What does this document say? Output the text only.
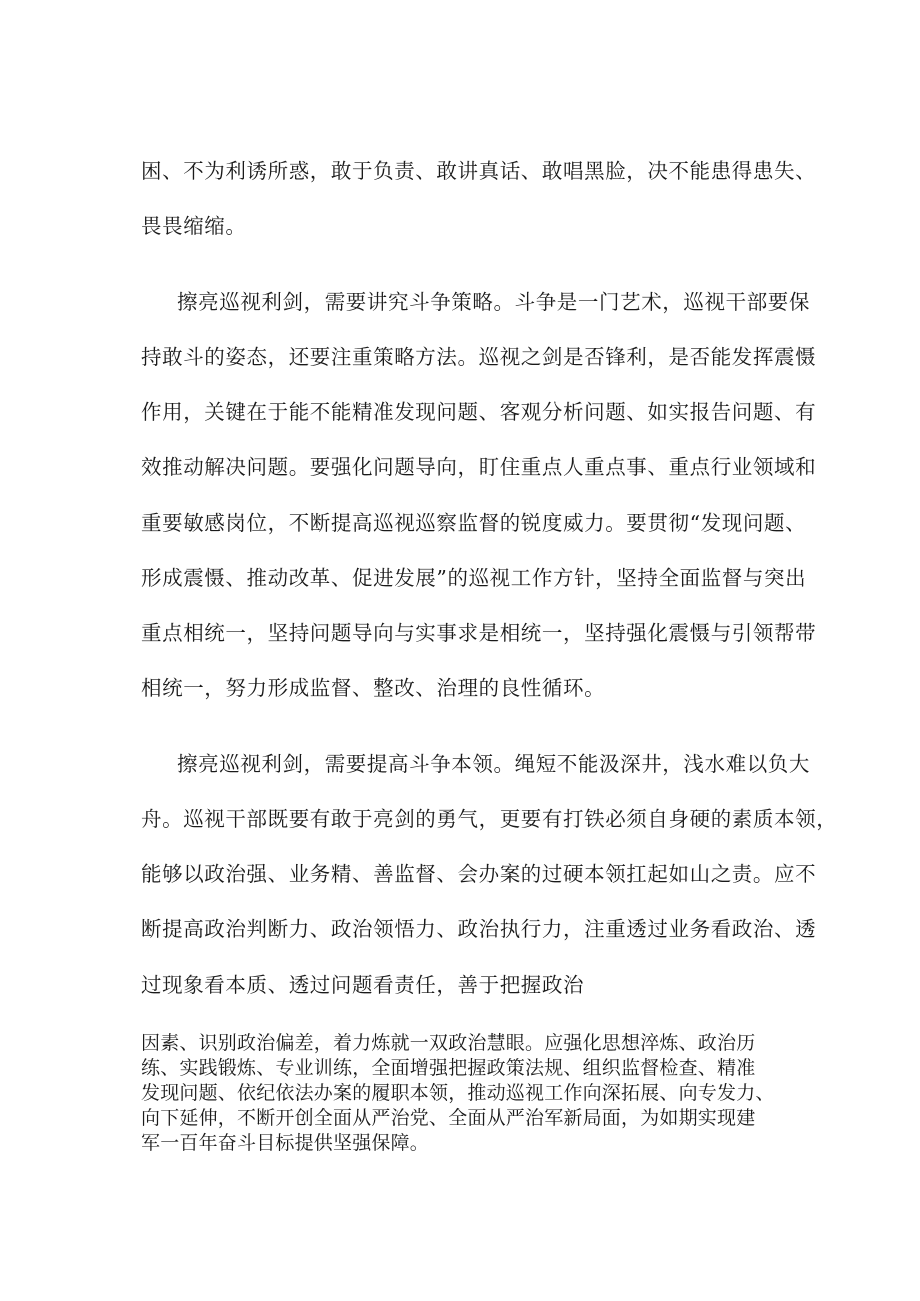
困、不为利诱所惑，敢于负责、敢讲真话、敢唱黑脸，决不能患得患失、
畏畏缩缩。
擦亮巡视利剑，需要讲究斗争策略。斗争是一门艺术，巡视干部要保
持敢斗的姿态，还要注重策略方法。巡视之剑是否锋利，是否能发挥震慑
作用，关键在于能不能精准发现问题、客观分析问题、如实报告问题、有
效推动解决问题。要强化问题导向，盯住重点人重点事、重点行业领域和
重要敏感岗位，不断提高巡视巡察监督的锐度威力。要贯彻“发现问题、
形成震慑、推动改革、促进发展”的巡视工作方针，坚持全面监督与突出
重点相统一，坚持问题导向与实事求是相统一，坚持强化震慑与引领帮带
相统一，努力形成监督、整改、治理的良性循环。
擦亮巡视利剑，需要提高斗争本领。绳短不能汲深井，浅水难以负大
舟。巡视干部既要有敢于亮剑的勇气，更要有打铁必须自身硬的素质本领，
能够以政治强、业务精、善监督、会办案的过硬本领扛起如山之责。应不
断提高政治判断力、政治领悟力、政治执行力，注重透过业务看政治、透
过现象看本质、透过问题看责任，善于把握政治
因素、识别政治偏差，着力炼就一双政治慧眼。应强化思想淬炼、政治历
练、实践锻炼、专业训练，全面增强把握政策法规、组织监督检查、精准
发现问题、依纪依法办案的履职本领，推动巡视工作向深拓展、向专发力、
向下延伸，不断开创全面从严治党、全面从严治军新局面，为如期实现建
军一百年奋斗目标提供坚强保障。
